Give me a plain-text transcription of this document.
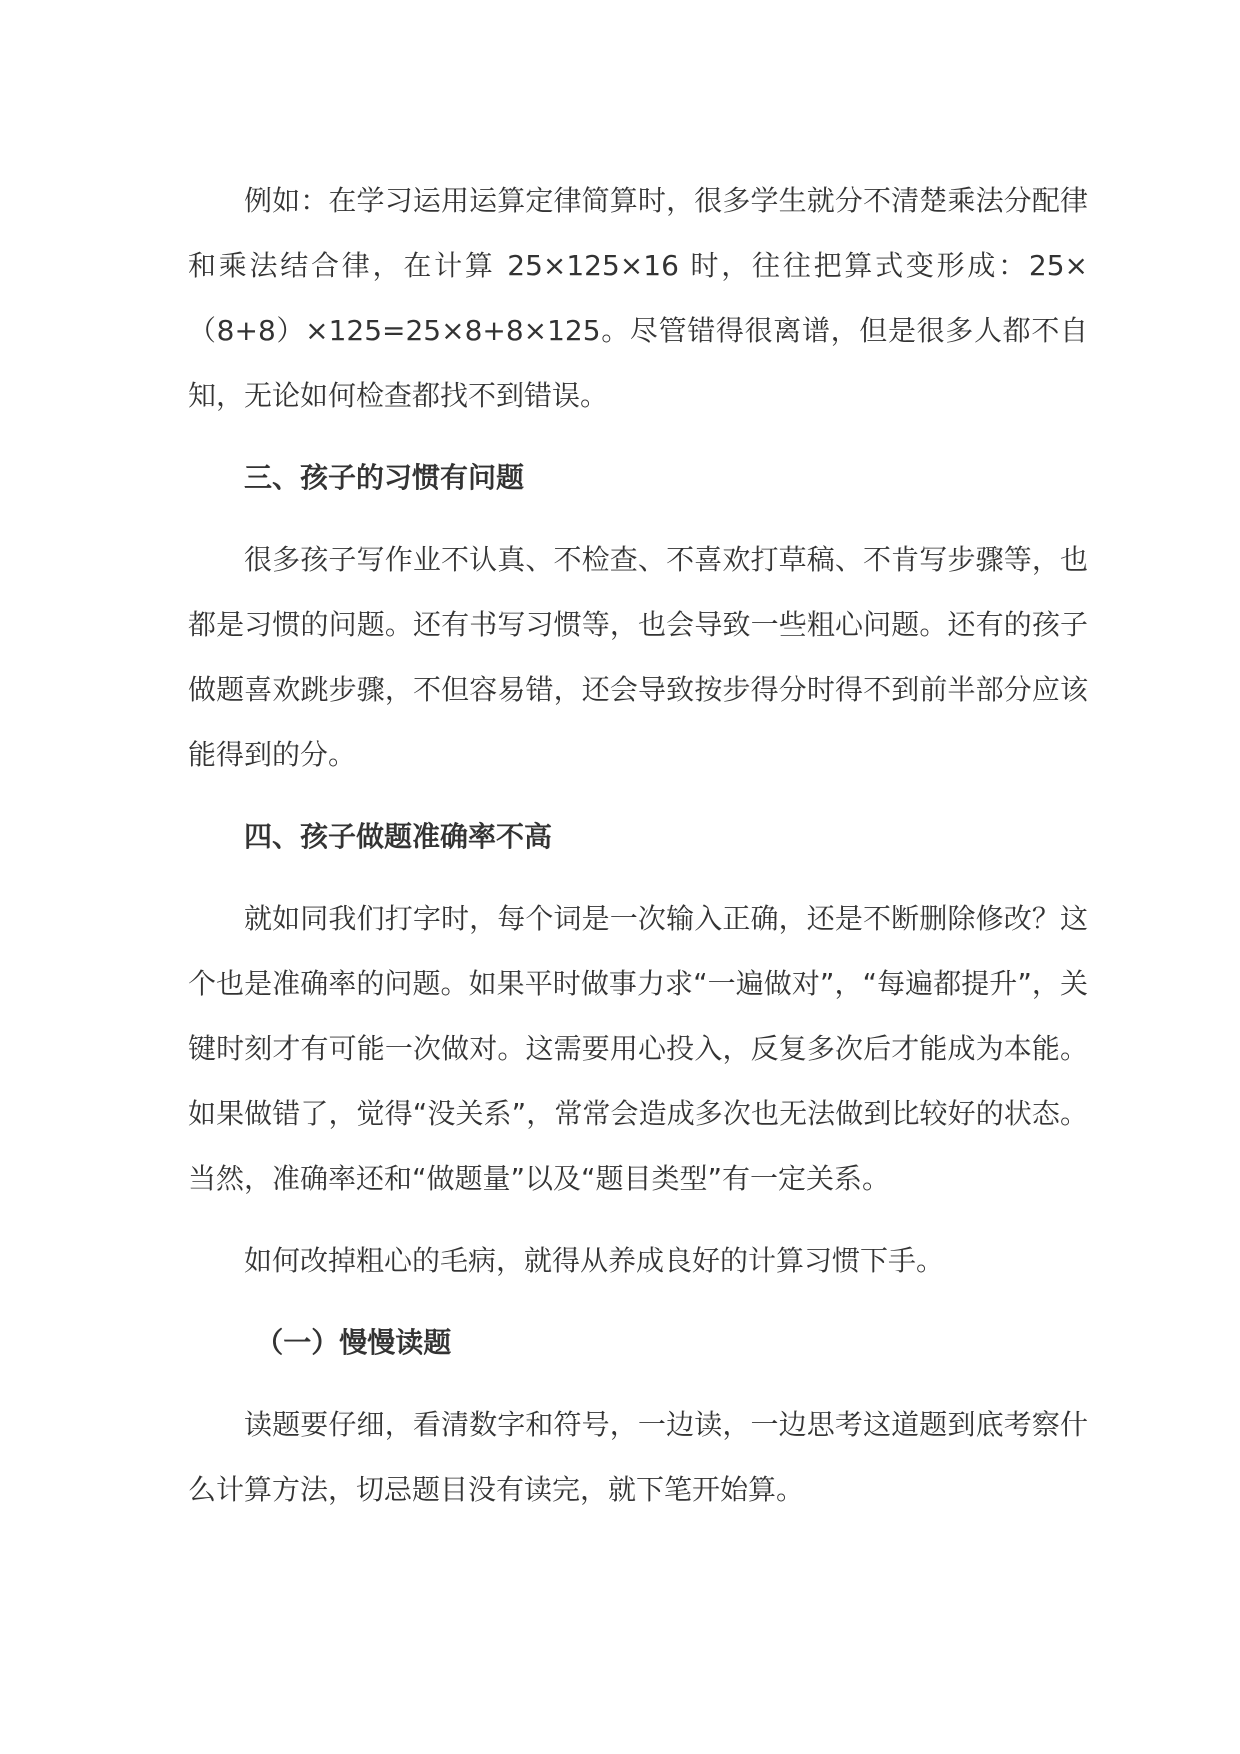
例如：在学习运用运算定律简算时，很多学生就分不清楚乘法分配律和乘法结合律，在计算 25×125×16 时，往往把算式变形成：25×（8+8）×125=25×8+8×125。尽管错得很离谱，但是很多人都不自知，无论如何检查都找不到错误。

三、孩子的习惯有问题

很多孩子写作业不认真、不检查、不喜欢打草稿、不肯写步骤等，也都是习惯的问题。还有书写习惯等，也会导致一些粗心问题。还有的孩子做题喜欢跳步骤，不但容易错，还会导致按步得分时得不到前半部分应该能得到的分。

四、孩子做题准确率不高

就如同我们打字时，每个词是一次输入正确，还是不断删除修改？这个也是准确率的问题。如果平时做事力求“一遍做对”，“每遍都提升”，关键时刻才有可能一次做对。这需要用心投入，反复多次后才能成为本能。如果做错了，觉得“没关系”，常常会造成多次也无法做到比较好的状态。当然，准确率还和“做题量”以及“题目类型”有一定关系。

如何改掉粗心的毛病，就得从养成良好的计算习惯下手。

（一）慢慢读题

读题要仔细，看清数字和符号，一边读，一边思考这道题到底考察什么计算方法，切忌题目没有读完，就下笔开始算。
